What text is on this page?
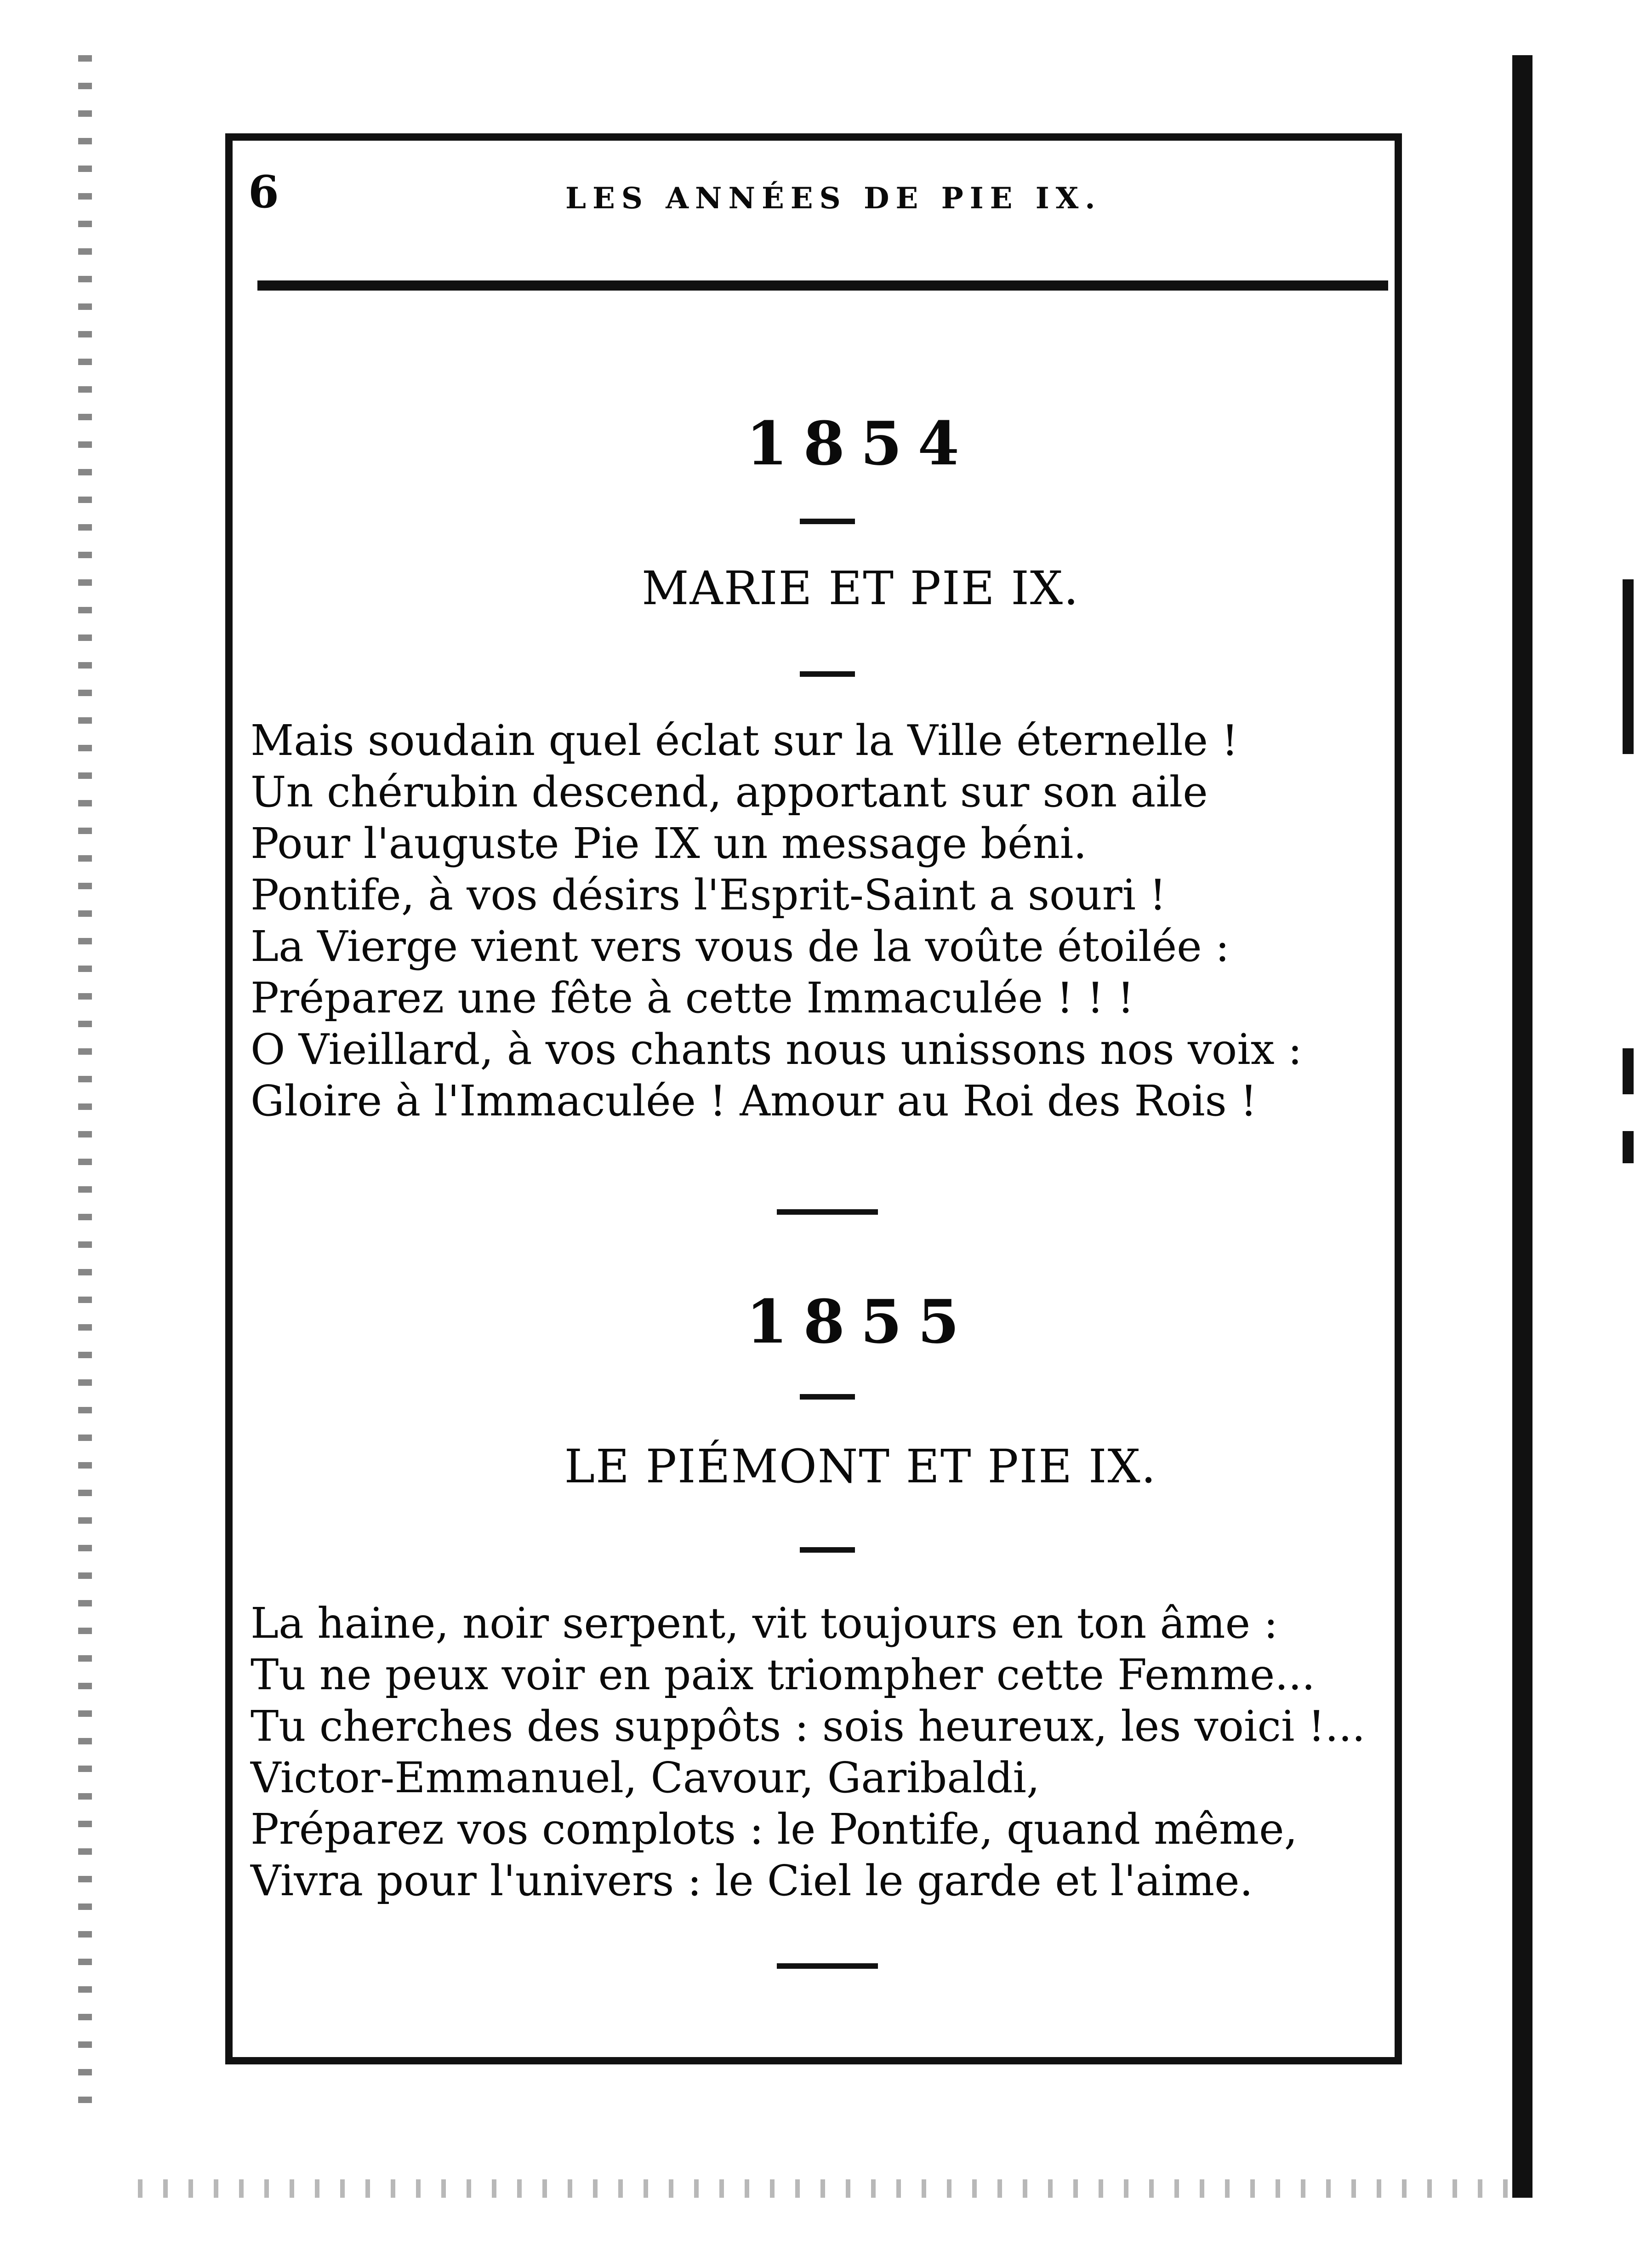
6	LES ANNÉES DE PIE IX.
1854
MARIE ET PIE IX.
Mais soudain quel éclat sur la Ville éternelle !
Un chérubin descend, apportant sur son aile
Pour l'auguste Pie IX un message béni.
Pontife, à vos désirs l'Esprit-Saint a souri !
La Vierge vient vers vous de la voûte étoilée :
Préparez une fête à cette Immaculée ! ! !
O Vieillard, à vos chants nous unissons nos voix :
Gloire à l'Immaculée ! Amour au Roi des Rois !
1855
LE PIÉMONT ET PIE IX.
La haine, noir serpent, vit toujours en ton âme :
Tu ne peux voir en paix triompher cette Femme...
Tu cherches des suppôts : sois heureux, les voici !...
Victor-Emmanuel, Cavour, Garibaldi,
Préparez vos complots : le Pontife, quand même,
Vivra pour l'univers : le Ciel le garde et l'aime.
